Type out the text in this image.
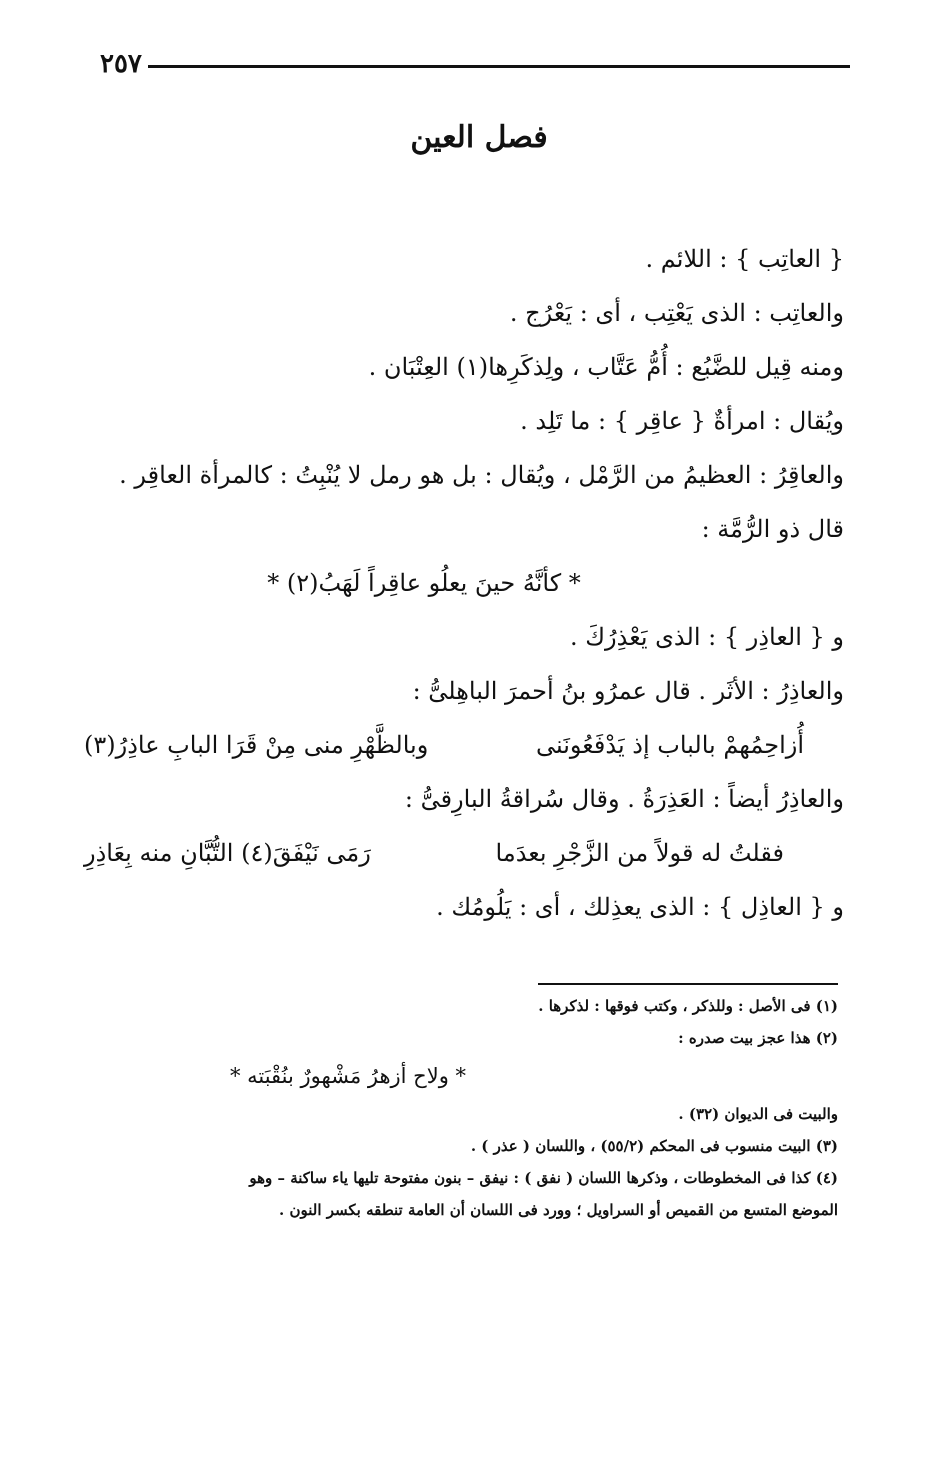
٢٥٧
فصل العين
{ العاتِب } : اللائم .
والعاتِب : الذى يَعْتِب ، أى : يَعْرُج .
ومنه قِيل للضَّبُع : أُمُّ عَتَّاب ، ولِذكَرِها(١) العِتْبَان .
ويُقال : امرأةٌ { عاقِر } : ما تَلِد .
والعاقِرُ : العظيمُ من الرَّمْل ، ويُقال : بل هو رمل لا يُنْبِتُ : كالمرأة العاقِر .
قال ذو الرُّمَّة :
* كأنَّهُ حينَ يعلُو عاقِراً لَهَبُ(٢) *
و { العاذِر } : الذى يَعْذِرُكَ .
والعاذِرُ : الأثَر . قال عمرُو بنُ أحمرَ الباهِلىُّ :
أُزاحِمُهمْ بالباب إذ يَدْفَعُونَنى
وبالظَّهْرِ منى مِنْ قَرَا البابِ عاذِرُ(٣)
والعاذِرُ أيضاً : العَذِرَةُ . وقال سُراقةُ البارِقىُّ :
فقلتُ له قولاً من الزَّجْرِ بعدَما
رَمَى نَيْفَقَ(٤) التُّبَّانِ منه بِعَاذِرِ
و { العاذِل } : الذى يعذِلك ، أى : يَلُومُك .
(١) فى الأصل : وللذكر ، وكتب فوقها : لذكرها .
(٢) هذا عجز بيت صدره :
* ولاح أزهرُ مَشْهورٌ بنُقْبَته *
والبيت فى الديوان (٣٢) .
(٣) البيت منسوب فى المحكم (٥٥/٢) ، واللسان ( عذر ) .
(٤) كذا فى المخطوطات ، وذكرها اللسان ( نفق ) : نيفق – بنون مفتوحة تليها ياء ساكنة – وهو
الموضع المتسع من القميص أو السراويل ؛ وورد فى اللسان أن العامة تنطقه بكسر النون .
